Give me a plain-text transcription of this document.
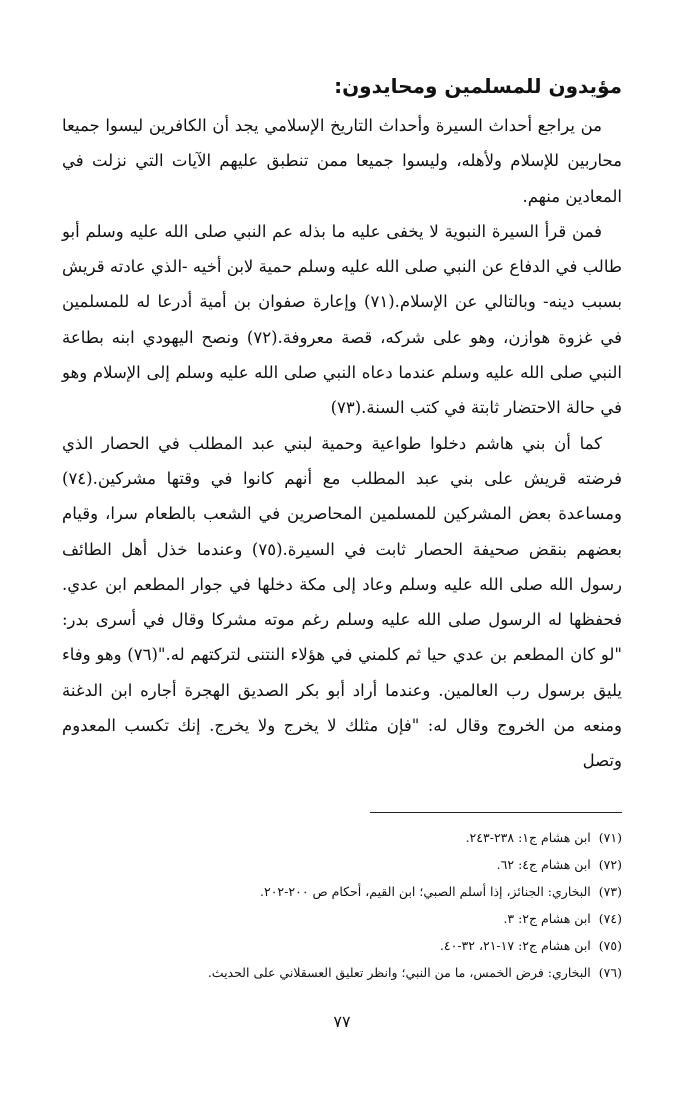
مؤيدون للمسلمين ومحايدون:

من يراجع أحداث السيرة وأحداث التاريخ الإسلامي يجد أن الكافرين ليسوا جميعا محاربين للإسلام ولأهله، وليسوا جميعا ممن تنطبق عليهم الآيات التي نزلت في المعادين منهم.

فمن قرأ السيرة النبوية لا يخفى عليه ما بذله عم النبي صلى الله عليه وسلم أبو طالب في الدفاع عن النبي صلى الله عليه وسلم حمية لابن أخيه -الذي عادته قريش بسبب دينه- وبالتالي عن الإسلام.(٧١) وإعارة صفوان بن أمية أدرعا له للمسلمين في غزوة هوازن، وهو على شركه، قصة معروفة.(٧٢) ونصح اليهودي ابنه بطاعة النبي صلى الله عليه وسلم عندما دعاه النبي صلى الله عليه وسلم إلى الإسلام وهو في حالة الاحتضار ثابتة في كتب السنة.(٧٣)

كما أن بني هاشم دخلوا طواعية وحمية لبني عبد المطلب في الحصار الذي فرضته قريش على بني عبد المطلب مع أنهم كانوا في وقتها مشركين.(٧٤) ومساعدة بعض المشركين للمسلمين المحاصرين في الشعب بالطعام سرا، وقيام بعضهم بنقض صحيفة الحصار ثابت في السيرة.(٧٥) وعندما خذل أهل الطائف رسول الله صلى الله عليه وسلم وعاد إلى مكة دخلها في جوار المطعم ابن عدي. فحفظها له الرسول صلى الله عليه وسلم رغم موته مشركا وقال في أسرى بدر: "لو كان المطعم بن عدي حيا ثم كلمني في هؤلاء النتنى لتركتهم له."(٧٦) وهو وفاء يليق برسول رب العالمين. وعندما أراد أبو بكر الصديق الهجرة أجاره ابن الدغنة ومنعه من الخروج وقال له: "فإن مثلك لا يخرج ولا يخرج. إنك تكسب المعدوم وتصل

(٧١)ابن هشام ج١: ٢٣٨-٢٤٣.
(٧٢)ابن هشام ج٤: ٦٢.
(٧٣)البخاري: الجنائز، إذا أسلم الصبي؛ ابن القيم، أحكام ص ٢٠٠-٢٠٢.
(٧٤)ابن هشام ج٢: ٣.
(٧٥)ابن هشام ج٢: ١٧-٢١، ٣٢-٤٠.
(٧٦)البخاري: فرض الخمس، ما من النبي؛ وانظر تعليق العسقلاني على الحديث.
٧٧
